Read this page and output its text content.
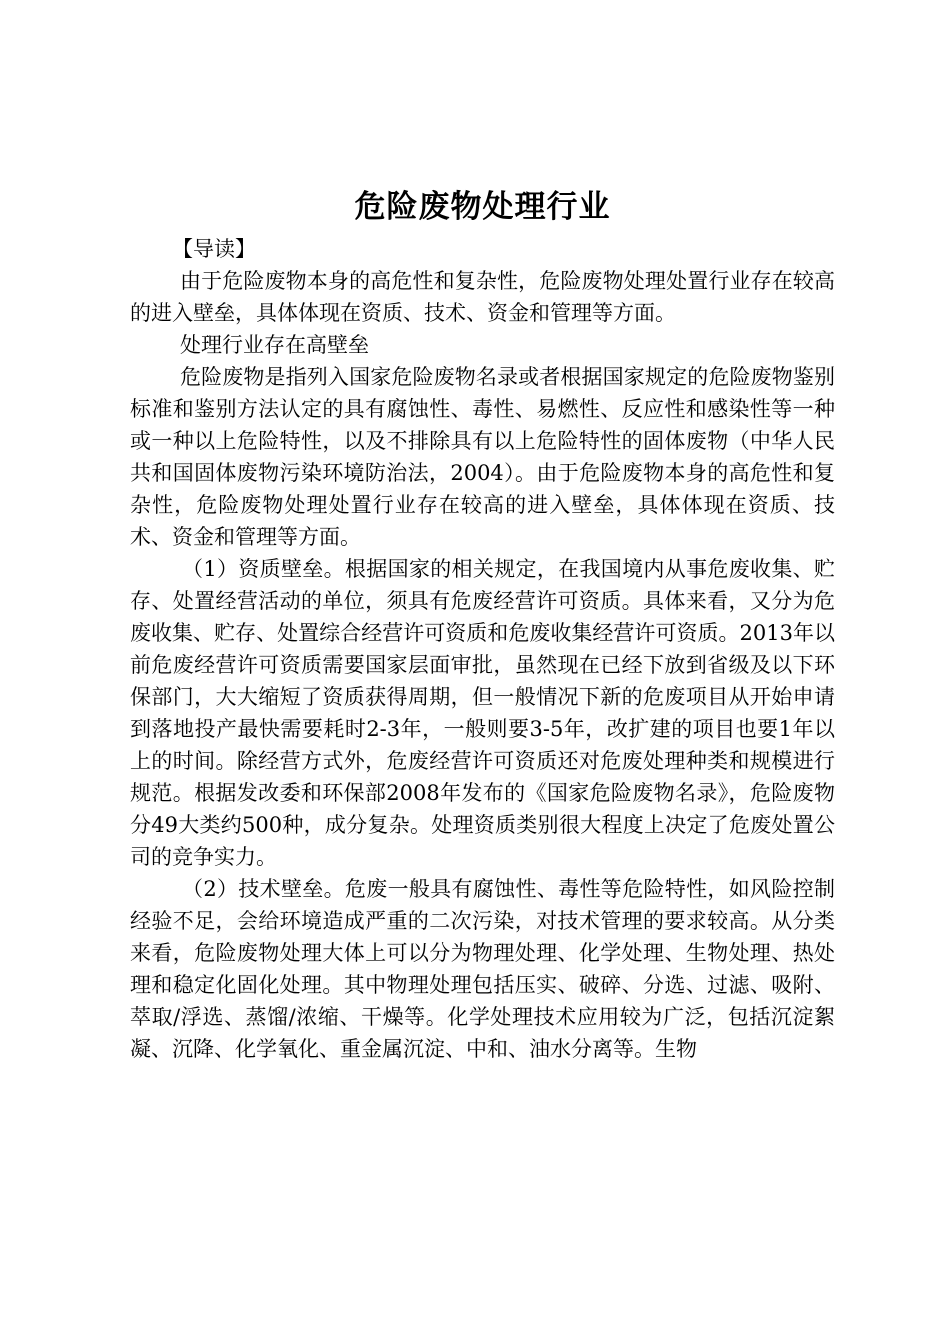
危险废物处理行业

【导读】

由于危险废物本身的高危性和复杂性，危险废物处理处置行业存在较高的进入壁垒，具体体现在资质、技术、资金和管理等方面。

处理行业存在高壁垒

危险废物是指列入国家危险废物名录或者根据国家规定的危险废物鉴别标准和鉴别方法认定的具有腐蚀性、毒性、易燃性、反应性和感染性等一种或一种以上危险特性，以及不排除具有以上危险特性的固体废物（中华人民共和国固体废物污染环境防治法，2004）。由于危险废物本身的高危性和复杂性，危险废物处理处置行业存在较高的进入壁垒，具体体现在资质、技术、资金和管理等方面。

（1）资质壁垒。根据国家的相关规定，在我国境内从事危废收集、贮存、处置经营活动的单位，须具有危废经营许可资质。具体来看，又分为危废收集、贮存、处置综合经营许可资质和危废收集经营许可资质。2013年以前危废经营许可资质需要国家层面审批，虽然现在已经下放到省级及以下环保部门，大大缩短了资质获得周期，但一般情况下新的危废项目从开始申请到落地投产最快需要耗时2-3年，一般则要3-5年，改扩建的项目也要1年以上的时间。除经营方式外，危废经营许可资质还对危废处理种类和规模进行规范。根据发改委和环保部2008年发布的《国家危险废物名录》，危险废物分49大类约500种，成分复杂。处理资质类别很大程度上决定了危废处置公司的竞争实力。

（2）技术壁垒。危废一般具有腐蚀性、毒性等危险特性，如风险控制经验不足，会给环境造成严重的二次污染，对技术管理的要求较高。从分类来看，危险废物处理大体上可以分为物理处理、化学处理、生物处理、热处理和稳定化固化处理。其中物理处理包括压实、破碎、分选、过滤、吸附、萃取/浮选、蒸馏/浓缩、干燥等。化学处理技术应用较为广泛，包括沉淀絮凝、沉降、化学氧化、重金属沉淀、中和、油水分离等。生物
